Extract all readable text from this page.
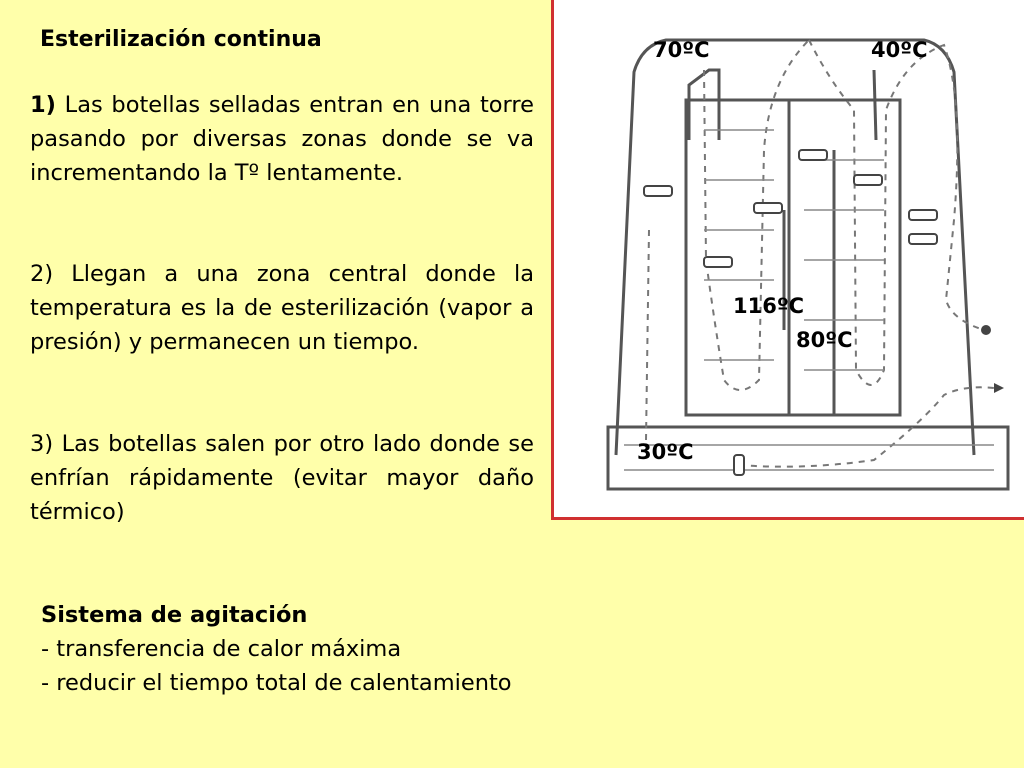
Esterilización continua

1) Las botellas selladas entran en una torre pasando por diversas zonas donde se va incrementando la Tº lentamente.

2) Llegan a una zona central donde la temperatura es la de esterilización (vapor a presión) y permanecen un tiempo.

3) Las botellas salen por otro lado donde se enfrían rápidamente (evitar mayor daño térmico)

Sistema de agitación
- transferencia de calor máxima
- reducir el tiempo total de calentamiento

70ºC	40ºC

116ºC

80ºC

30ºC
